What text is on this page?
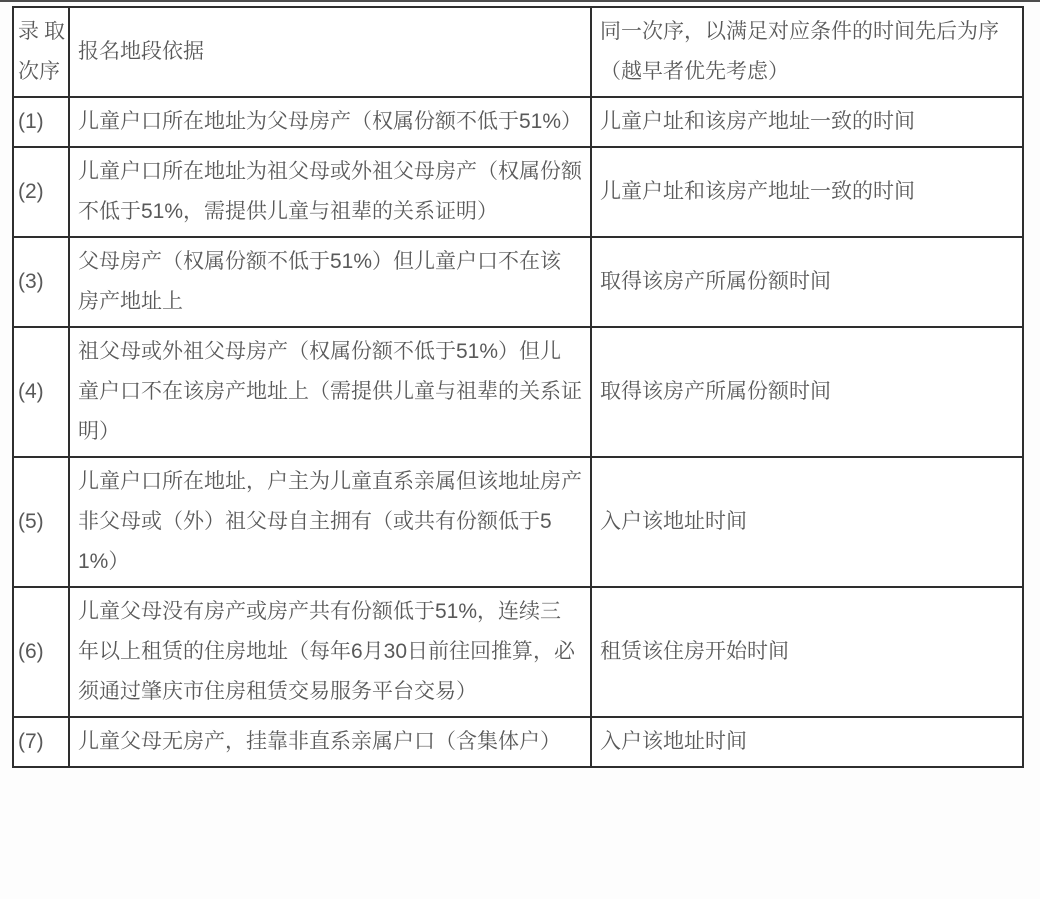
录取次序	报名地段依据	同一次序，以满足对应条件的时间先后为序（越早者优先考虑）
(1)	儿童户口所在地址为父母房产（权属份额不低于51%）	儿童户址和该房产地址一致的时间
(2)	儿童户口所在地址为祖父母或外祖父母房产（权属份额不低于51%，需提供儿童与祖辈的关系证明）	儿童户址和该房产地址一致的时间
(3)	父母房产（权属份额不低于51%）但儿童户口不在该房产地址上	取得该房产所属份额时间
(4)	祖父母或外祖父母房产（权属份额不低于51%）但儿童户口不在该房产地址上（需提供儿童与祖辈的关系证明）	取得该房产所属份额时间
(5)	儿童户口所在地址，户主为儿童直系亲属但该地址房产非父母或（外）祖父母自主拥有（或共有份额低于51%）	入户该地址时间
(6)	儿童父母没有房产或房产共有份额低于51%，连续三年以上租赁的住房地址（每年6月30日前往回推算，必须通过肇庆市住房租赁交易服务平台交易）	租赁该住房开始时间
(7)	儿童父母无房产，挂靠非直系亲属户口（含集体户）	入户该地址时间
